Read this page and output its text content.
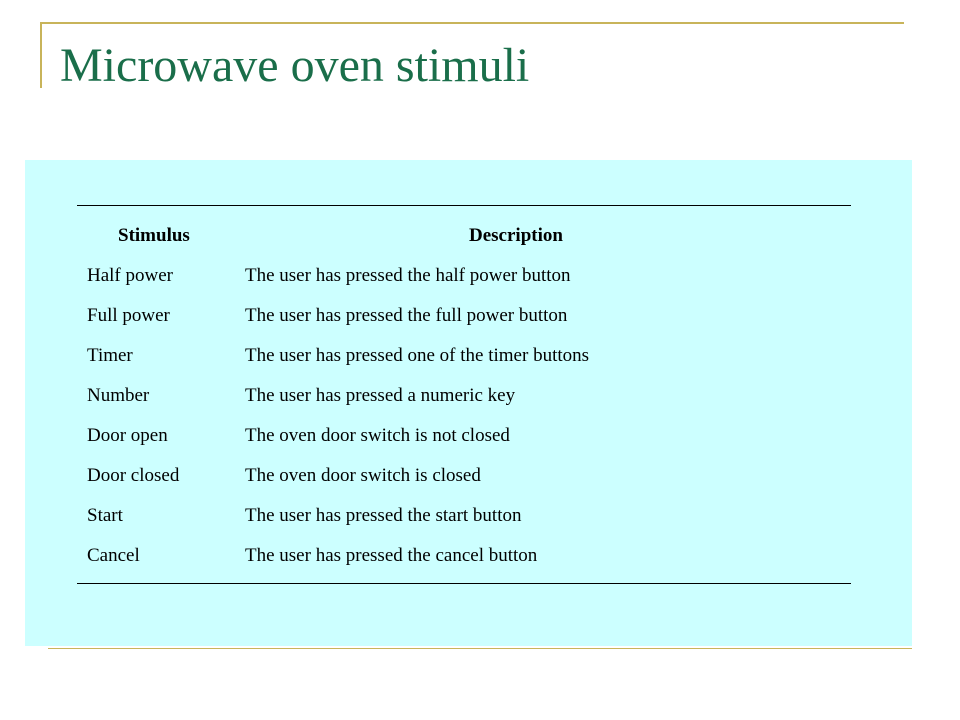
Microwave oven stimuli
Stimulus	Description
Half power	The user has pressed the half power button
Full power	The user has pressed the full power button
Timer	The user has pressed one of the timer buttons
Number	The user has pressed a numeric key
Door open	The oven door switch is not closed
Door closed	The oven door switch is closed
Start	The user has pressed the start button
Cancel	The user has pressed the cancel button
